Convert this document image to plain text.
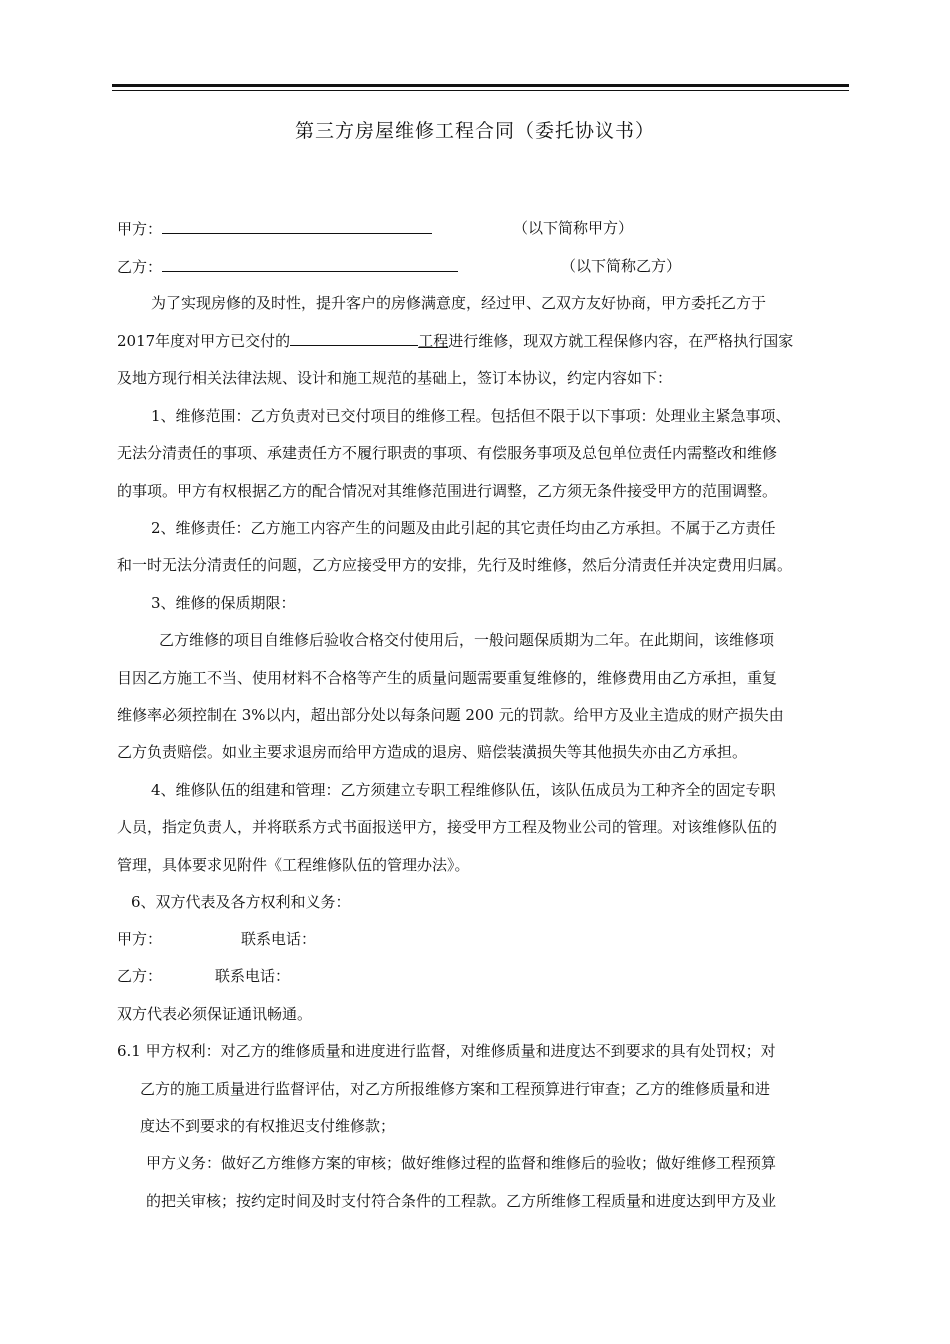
第三方房屋维修工程合同（委托协议书）
甲方：	（以下简称甲方）
乙方：	（以下简称乙方）
为了实现房修的及时性，提升客户的房修满意度，经过甲、乙双方友好协商，甲方委托乙方于
2017年度对甲方已交付的	工程进行维修，现双方就工程保修内容，在严格执行国家
及地方现行相关法律法规、设计和施工规范的基础上，签订本协议，约定内容如下：
1、维修范围：乙方负责对已交付项目的维修工程。包括但不限于以下事项：处理业主紧急事项、
无法分清责任的事项、承建责任方不履行职责的事项、有偿服务事项及总包单位责任内需整改和维修
的事项。甲方有权根据乙方的配合情况对其维修范围进行调整，乙方须无条件接受甲方的范围调整。
2、维修责任：乙方施工内容产生的问题及由此引起的其它责任均由乙方承担。不属于乙方责任
和一时无法分清责任的问题，乙方应接受甲方的安排，先行及时维修，然后分清责任并决定费用归属。
3、维修的保质期限：
乙方维修的项目自维修后验收合格交付使用后，一般问题保质期为二年。在此期间，该维修项
目因乙方施工不当、使用材料不合格等产生的质量问题需要重复维修的，维修费用由乙方承担，重复
维修率必须控制在 3%以内，超出部分处以每条问题 200 元的罚款。给甲方及业主造成的财产损失由
乙方负责赔偿。如业主要求退房而给甲方造成的退房、赔偿装潢损失等其他损失亦由乙方承担。
4、维修队伍的组建和管理：乙方须建立专职工程维修队伍，该队伍成员为工种齐全的固定专职
人员，指定负责人，并将联系方式书面报送甲方，接受甲方工程及物业公司的管理。对该维修队伍的
管理，具体要求见附件《工程维修队伍的管理办法》。
6、双方代表及各方权利和义务：
甲方：	联系电话：
乙方：	联系电话：
双方代表必须保证通讯畅通。
6.1 甲方权利：对乙方的维修质量和进度进行监督，对维修质量和进度达不到要求的具有处罚权；对
乙方的施工质量进行监督评估，对乙方所报维修方案和工程预算进行审查；乙方的维修质量和进
度达不到要求的有权推迟支付维修款；
甲方义务：做好乙方维修方案的审核；做好维修过程的监督和维修后的验收；做好维修工程预算
的把关审核；按约定时间及时支付符合条件的工程款。乙方所维修工程质量和进度达到甲方及业
